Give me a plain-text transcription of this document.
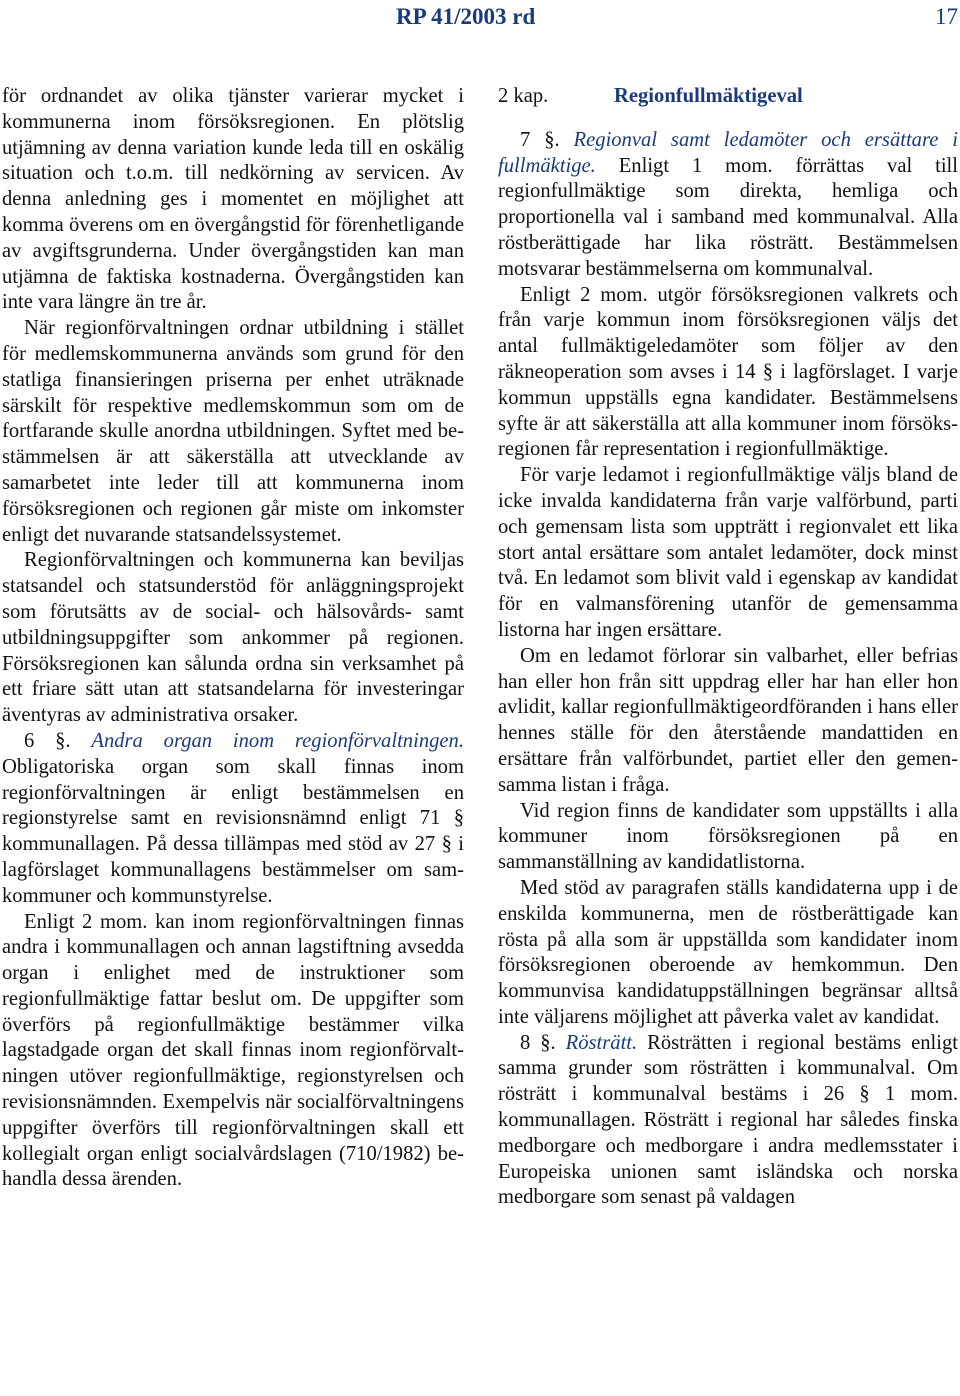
RP 41/2003 rd	17

för ordnandet av olika tjänster varierar mycket i kommunerna inom försöksregionen. En plötslig utjämning av denna variation kunde leda till en oskälig situation och t.o.m. till nedkörning av servicen. Av denna anledning ges i momentet en möjlighet att komma överens om en övergångstid för förenhetligande av avgiftsgrunderna. Under övergångstiden kan man utjämna de faktiska kostnaderna. Övergångstiden kan inte vara längre än tre år.

När regionförvaltningen ordnar utbildning i stället för medlemskommunerna används som grund för den statliga finansieringen priserna per enhet uträknade särskilt för respektive medlemskommun som om de fortfarande skulle anordna utbildningen. Syftet med bestämmelsen är att säkerställa att utvecklande av samarbetet inte leder till att kommunerna inom försöksregionen och regionen går miste om inkomster enligt det nuvarande statsandelssystemet.

Regionförvaltningen och kommunerna kan beviljas statsandel och statsunderstöd för anläggningsprojekt som förutsätts av de social- och hälsovårds- samt utbildningsuppgifter som ankommer på regionen. Försöksregionen kan sålunda ordna sin verksamhet på ett friare sätt utan att statsandelarna för investeringar äventyras av administrativa orsaker.

6 §. Andra organ inom regionförvaltningen. Obligatoriska organ som skall finnas inom regionförvaltningen är enligt bestämmelsen en regionstyrelse samt en revisionsnämnd enligt 71 § kommunallagen. På dessa tillämpas med stöd av 27 § i lagförslaget kommunallagens bestämmelser om samkommuner och kommunstyrelse.

Enligt 2 mom. kan inom regionförvaltningen finnas andra i kommunallagen och annan lagstiftning avsedda organ i enlighet med de instruktioner som regionfullmäktige fattar beslut om. De uppgifter som överförs på regionfullmäktige bestämmer vilka lagstadgade organ det skall finnas inom regionförvaltningen utöver regionfullmäktige, regionstyrelsen och revisionsnämnden. Exempelvis när socialförvaltningens uppgifter överförs till regionförvaltningen skall ett kollegialt organ enligt socialvårdslagen (710/1982) behandla dessa ärenden.

2 kap.	Regionfullmäktigeval

7 §. Regionval samt ledamöter och ersättare i fullmäktige. Enligt 1 mom. förrättas val till regionfullmäktige som direkta, hemliga och proportionella val i samband med kommunalval. Alla röstberättigade har lika rösträtt. Bestämmelsen motsvarar bestämmelserna om kommunalval.

Enligt 2 mom. utgör försöksregionen valkrets och från varje kommun inom försöksregionen väljs det antal fullmäktigeledamöter som följer av den räkneoperation som avses i 14 § i lagförslaget. I varje kommun uppställs egna kandidater. Bestämmelsens syfte är att säkerställa att alla kommuner inom försöksregionen får representation i regionfullmäktige.

För varje ledamot i regionfullmäktige väljs bland de icke invalda kandidaterna från varje valförbund, parti och gemensam lista som uppträtt i regionvalet ett lika stort antal ersättare som antalet ledamöter, dock minst två. En ledamot som blivit vald i egenskap av kandidat för en valmansförening utanför de gemensamma listorna har ingen ersättare.

Om en ledamot förlorar sin valbarhet, eller befrias han eller hon från sitt uppdrag eller har han eller hon avlidit, kallar regionfullmäktigeordföranden i hans eller hennes ställe för den återstående mandattiden en ersättare från valförbundet, partiet eller den gemensamma listan i fråga.

Vid region finns de kandidater som uppställts i alla kommuner inom försöksregionen på en sammanställning av kandidatlistorna.

Med stöd av paragrafen ställs kandidaterna upp i de enskilda kommunerna, men de röstberättigade kan rösta på alla som är uppställda som kandidater inom försöksregionen oberoende av hemkommun. Den kommunvisa kandidatuppställningen begränsar alltså inte väljarens möjlighet att påverka valet av kandidat.

8 §. Rösträtt. Rösträtten i regional bestäms enligt samma grunder som rösträtten i kommunalval. Om rösträtt i kommunalval bestäms i 26 § 1 mom. kommunallagen. Rösträtt i regional har således finska medborgare och medborgare i andra medlemsstater i Europeiska unionen samt isländska och norska medborgare som senast på valdagen
